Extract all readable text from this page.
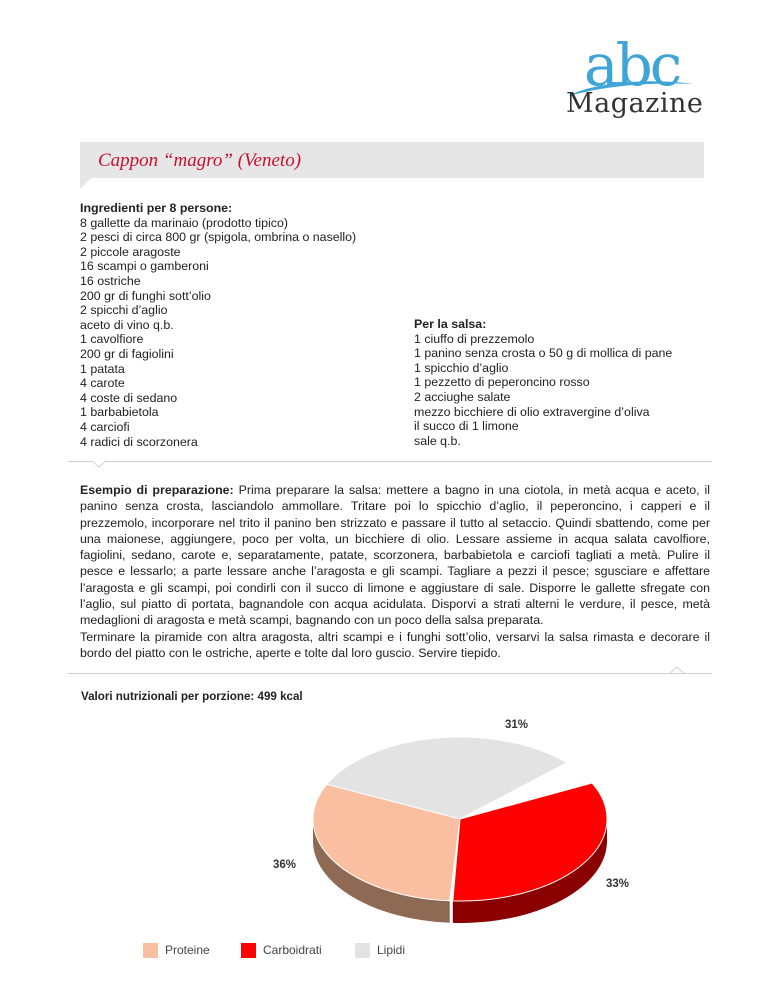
abc
Magazine
Cappon “magro” (Veneto)
Ingredienti per 8 persone:
8 gallette da marinaio (prodotto tipico)
2 pesci di circa 800 gr (spigola, ombrina o nasello)
2 piccole aragoste
16 scampi o gamberoni
16 ostriche
200 gr di funghi sott’olio
2 spicchi d’aglio
aceto di vino q.b.
1 cavolfiore
200 gr di fagiolini
1 patata
4 carote
4 coste di sedano
1 barbabietola
4 carciofi
4 radici di scorzonera
Per la salsa:
1 ciuffo di prezzemolo
1 panino senza crosta o 50 g di mollica di pane
1 spicchio d’aglio
1 pezzetto di peperoncino rosso
2 acciughe salate
mezzo bicchiere di olio extravergine d’oliva
il succo di 1 limone
sale q.b.
Esempio di preparazione: Prima preparare la salsa: mettere a bagno in una ciotola, in metà acqua e aceto, il panino senza crosta, lasciandolo ammollare. Tritare poi lo spicchio d’aglio, il peperoncino, i capperi e il prezzemolo, incorporare nel trito il panino ben strizzato e passare il tutto al setaccio. Quindi sbattendo, come per una maionese, aggiungere, poco per volta, un bicchiere di olio. Lessare assieme in acqua salata cavolfiore, fagiolini, sedano, carote e, separatamente, patate, scorzonera, barbabietola e carciofi tagliati a metà. Pulire il pesce e lessarlo; a parte lessare anche l’aragosta e gli scampi. Tagliare a pezzi il pesce; sgusciare e affettare l’aragosta e gli scampi, poi condirli con il succo di limone e aggiustare di sale. Disporre le gallette sfregate con l’aglio, sul piatto di portata, bagnandole con acqua acidulata. Disporvi a strati alterni le verdure, il pesce, metà medaglioni di aragosta e metà scampi, bagnando con un poco della salsa preparata.
Terminare la piramide con altra aragosta, altri scampi e i funghi sott’olio, versarvi la salsa rimasta e decorare il bordo del piatto con le ostriche, aperte e tolte dal loro guscio. Servire tiepido.
Valori nutrizionali per porzione: 499 kcal
36%
33%
31%
Proteine	Carboidrati	Lipidi
